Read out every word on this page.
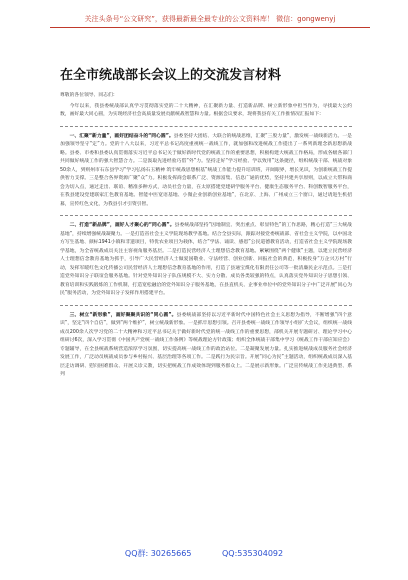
关注头条号“公文研究”，获得最新最全最专业的公文资料库！ 微信：gongwenyj
在全市统战部长会议上的交流发言材料

尊敬的各位领导、同志们：

今年以来，我县委统战部认真学习贯彻落实党的二十大精神，在汇聚新力量、打造新品牌、树立新形象中担当作为，寻找最大公约数，画好最大同心圆，为实现经济社会高质量发展贡献统战智慧和力量。根据会议要求，现将我县有关工作推情况汇报如下：

一、汇聚“新力量”，画好团结奋斗的“同心圆”。县委坚持大团结、大联合的统战思维，汇聚“三股力量”，激发统一战线新活力。一是加强领导坚守“定”力。党的十八大以来，习近平总书记高度重视统一战线工作，就加强和改进统战工作提出了一系列新理念新思想新战略。县委、市委和县委认真贯彻落实习近平总书记关于做好新时代党的统战工作的重要思想，积极构建大统战工作格局，形成各级各部门共同做好统战工作的强大智慧合力。二是汲取先进经验巧借“外”力。坚持走好“学习经验、学以致用”这条捷径，组织统战干部、统战对象50余人，到则州市石东县学习“学习弘扬石玉精神 筑牢统战思想根基”统战工作能力提升培训班，开阔眼界，增长见识，为创新统战工作提供智力支撑。三是整合各界资源广聚“众”力。积极发挥商会联系广泛、资源富集、信息广通的优势，坚持共建共享原则，以成立大带和商会为切入点，通过走出、联谊、精准多种方式，动员社会力量，在太原搭建党建研学服务平台、健康生态服务平台、科创数智服务平台，在我县建设党建联家汇色教育基地、智能中医宽语基地、小微企业创新创业基地”，在北京、上海、广州成立三个窗口，通过请进生机招募，宣传红色文化，为我县引才引资引智。

二、打造“新品牌”，画好人才聚心的“同心圆”。县委统战部坚持“因地制宜、突出重点、彰显特色”的工作思路，精心打造“三大统战基地”，持续增强统战凝聚力。一是打造省社会主义学院现场教学基地。结合全县实际，跟踪对接党委统战部、省社会主义学院，以中国北方写生基地、颜标1941小镇和非遗项目，特优农业项目为载体，结合“学法、诵读、感恩”公民道德教育活动，打造省社会主义学院现场教学基地，为全省统战成员关注主客视角服务基层。二是打造民营经济人士理想信念教育基地。紧紧围绕“两个健康”主题，以建立民营经济人士理想信念教育基地为抓手，引导广大民营经济人士做爱国敬业、守法经营、创业创新、回报社会的典范，积极投身“万企兴万村”行动，发挥军暖红色文化传播公司民营经济人士理想信念教育基地的作用，打造了县通宝煤化有限责任公司等一批清廉民企示范点。三是打造党外知识分子联谊会服务基地。针对党外知识分子队伍规模不大、实力分散、成员各类较强的特点，认真落实党外知识分子思想引领、教育培训和实践锻炼的工作机制，打造宽松融洽的党外知识分子服务基地，在县直机关、企事业单位中的党外知识分子中广泛开展“同心为民”服务活动，为党外知识分子发挥作用搭建平台。

三、树立“新形象”，画好聚聚共识的“同心圆”。县委统战部坚持以习近平新时代中国特色社会主义思想为指导，不断增强“四个意识”，坚定“四个自信”，做到“两个维护”，树立统战新形象。一是抓牢思想引领。召开县委统一战线工作领导小组扩大会议，组织统一战线成员200余人次学习党的二十大精神和习近平总书记关于做好新时代党的统一战线工作的重要思想，部机关开展专题研讨、理论学习中心组研讨6次，深入学习贯彻《中国共产党统一战线工作条例》等统战理论方针政策；组织全体统战干部集中学习《统战工作干部应知应会》专题辅导，在全县统战系统营造浓厚学习氛围，切实提高统一战线工作的政治站位。二是凝聚发展力量。扎实推进统战成员服务社会经济发展工作，广泛动员统战成员参与乡村振兴、基层治理等各项工作。二是践行为民宗旨。开展“同心为民”主题活动，组织统战成员深入基层走访调研、慰问困难群众、开展义诊义教，切实把统战工作成效体现到服务群众上。二是展示新形象。广泛宣传统战工作先进典型、系列

QQ群: 30265665	QQ:535304092
